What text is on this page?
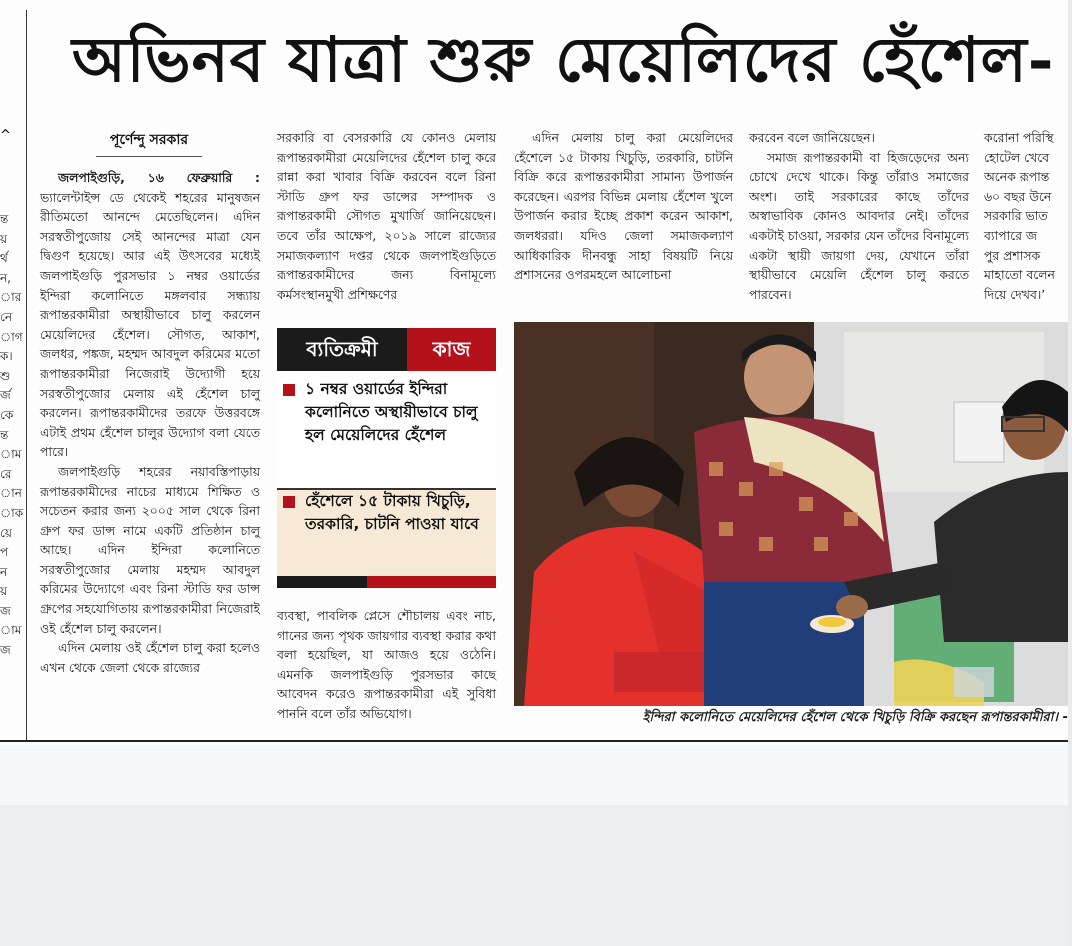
অভিনব যাত্রা শুরু মেয়েলিদের হেঁশেল-
ন্ত
য়
র্থ
ন,
ার
নে
াগ
ক।
শু
র্জ
কে
ন্ত
াম
রে
ান
াক
য়ে
প
ন
য়
জ
াম
জ
^	পূর্ণেন্দু সরকার

জলপাইগুড়ি, ১৬ ফেব্রুয়ারি : ভ্যালেন্টাইন্স ডে থেকেই শহরের মানুষজন রীতিমতো আনন্দে মেতেছিলেন। এদিন সরস্বতীপুজোয় সেই আনন্দের মাত্রা যেন দ্বিগুণ হয়েছে। আর এই উৎসবের মধ্যেই জলপাইগুড়ি পুরসভার ১ নম্বর ওয়ার্ডের ইন্দিরা কলোনিতে মঙ্গলবার সন্ধ্যায় রূপান্তরকামীরা অস্থায়ীভাবে চালু করলেন মেয়েলিদের হেঁশেল। সৌগত, আকাশ, জলধর, পঙ্কজ, মহম্মদ আবদুল করিমের মতো রূপান্তরকামীরা নিজেরাই উদ্যোগী হয়ে সরস্বতীপুজোর মেলায় এই হেঁশেল চালু করলেন। রূপান্তরকামীদের তরফে উত্তরবঙ্গে এটাই প্রথম হেঁশেল চালুর উদ্যোগ বলা যেতে পারে।

জলপাইগুড়ি শহরের নয়াবস্তিপাড়ায় রূপান্তরকামীদের নাচের মাধ্যমে শিক্ষিত ও সচেতন করার জন্য ২০০৫ সাল থেকে রিনা গ্রুপ ফর ডান্স নামে একটি প্রতিষ্ঠান চালু আছে। এদিন ইন্দিরা কলোনিতে সরস্বতীপুজোর মেলায় মহম্মদ আবদুল করিমের উদ্যোগে এবং রিনা স্টাডি ফর ডান্স গ্রুপের সহযোগিতায় রূপান্তরকামীরা নিজেরাই ওই হেঁশেল চালু করলেন।

এদিন মেলায় ওই হেঁশেল চালু করা হলেও এখন থেকে জেলা থেকে রাজ্যের

সরকারি বা বেসরকারি যে কোনও মেলায় রূপান্তরকামীরা মেয়েলিদের হেঁশেল চালু করে রান্না করা খাবার বিক্রি করবেন বলে রিনা স্টাডি গ্রুপ ফর ডান্সের সম্পাদক ও রূপান্তরকামী সৌগত মুখার্জি জানিয়েছেন। তবে তাঁর আক্ষেপ, ২০১৯ সালে রাজ্যের সমাজকল্যাণ দপ্তর থেকে জলপাইগুড়িতে রূপান্তরকামীদের জন্য বিনামূল্যে কর্মসংস্থানমুখী প্রশিক্ষণের

ব্যতিক্রমী	কাজ
১ নম্বর ওয়ার্ডের ইন্দিরা কলোনিতে অস্থায়ীভাবে চালু হল মেয়েলিদের হেঁশেল
হেঁশেলে ১৫ টাকায় খিচুড়ি, তরকারি, চাটনি পাওয়া যাবে

ব্যবস্থা, পাবলিক প্লেসে শৌচালয় এবং নাচ, গানের জন্য পৃথক জায়গার ব্যবস্থা করার কথা বলা হয়েছিল, যা আজও হয়ে ওঠেনি। এমনকি জলপাইগুড়ি পুরসভার কাছে আবেদন করেও রূপান্তরকামীরা এই সুবিধা পাননি বলে তাঁর অভিযোগ।

এদিন মেলায় চালু করা মেয়েলিদের হেঁশেলে ১৫ টাকায় খিচুড়ি, তরকারি, চাটনি বিক্রি করে রূপান্তরকামীরা সামান্য উপার্জন করেছেন। এরপর বিভিন্ন মেলায় হেঁশেল খুলে উপার্জন করার ইচ্ছে প্রকাশ করেন আকাশ, জলধররা। যদিও জেলা সমাজকল্যাণ আধিকারিক দীনবন্ধু সাহা বিষয়টি নিয়ে প্রশাসনের ওপরমহলে আলোচনা

করবেন বলে জানিয়েছেন।

সমাজ রূপান্তরকামী বা হিজড়েদের অন্য চোখে দেখে থাকে। কিন্তু তাঁরাও সমাজের অংশ। তাই সরকারের কাছে তাঁদের অস্বাভাবিক কোনও আবদার নেই। তাঁদের একটাই চাওয়া, সরকার যেন তাঁদের বিনামূল্যে একটা স্থায়ী জায়গা দেয়, যেখানে তাঁরা স্থায়ীভাবে মেয়েলি হেঁশেল চালু করতে পারবেন।

করোনা পরিস্থি
হোটেল খেবে
অনেক রূপান্ত
৬০ বছর উনে
সরকারি ভাত
ব্যাপারে জ
পুর প্রশাসক
মাহাতো বলেন
দিয়ে দেখব।’
ইন্দিরা কলোনিতে মেয়েলিদের হেঁশেল থেকে খিচুড়ি বিক্রি করছেন রূপান্তরকামীরা। -
